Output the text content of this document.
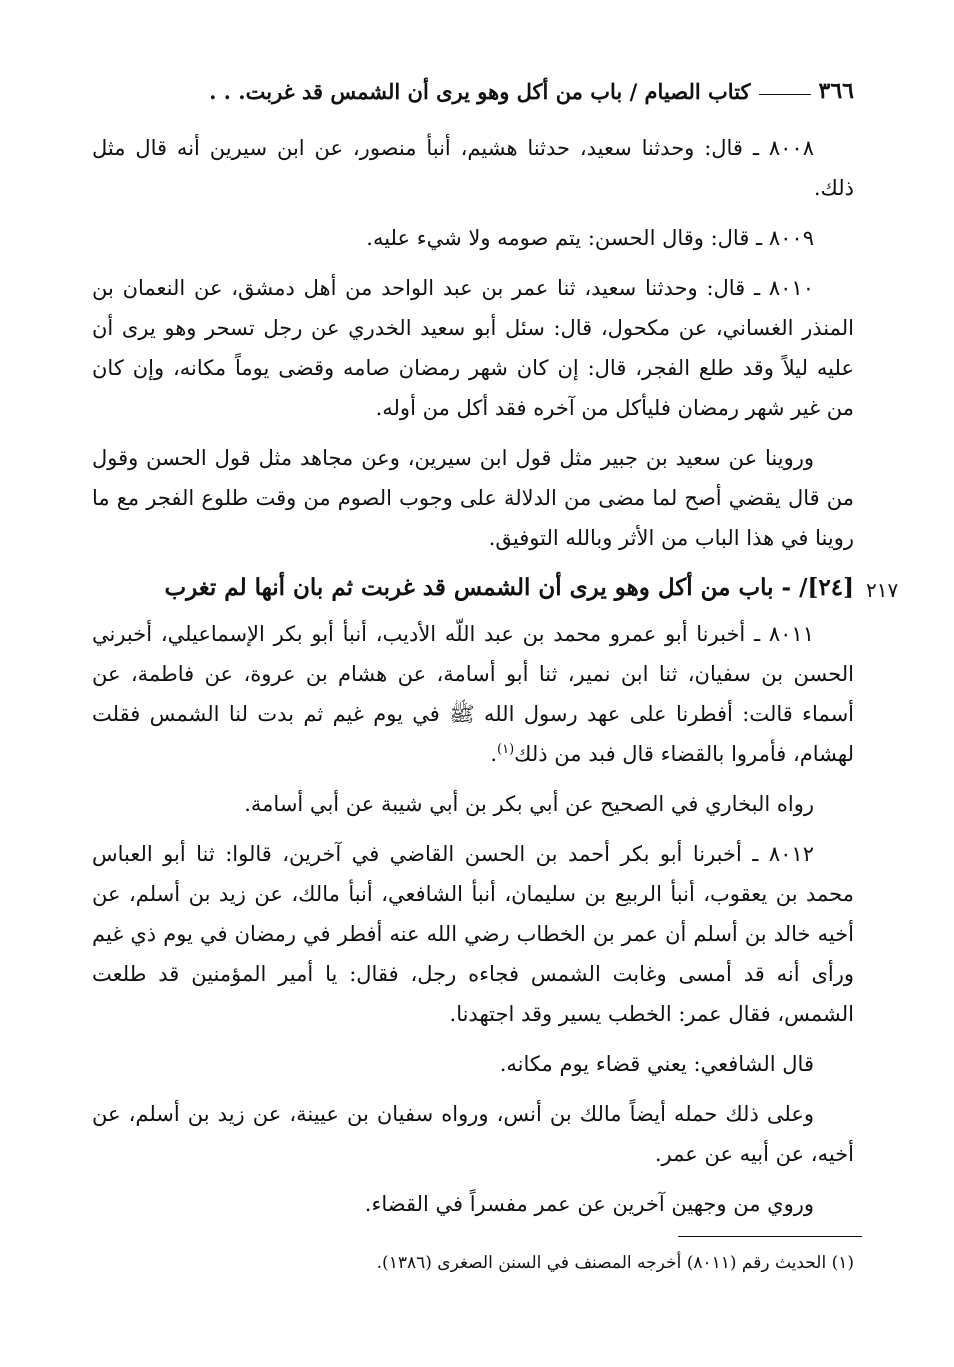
٣٦٦
كتاب الصيام / باب من أكل وهو يرى أن الشمس قد غربت. . .

٨٠٠٨ ـ قال: وحدثنا سعيد، حدثنا هشيم، أنبأ منصور، عن ابن سيرين أنه قال مثل ذلك.

٨٠٠٩ ـ قال: وقال الحسن: يتم صومه ولا شيء عليه.

٨٠١٠ ـ قال: وحدثنا سعيد، ثنا عمر بن عبد الواحد من أهل دمشق، عن النعمان بن المنذر الغساني، عن مكحول، قال: سئل أبو سعيد الخدري عن رجل تسحر وهو يرى أن عليه ليلاً وقد طلع الفجر، قال: إن كان شهر رمضان صامه وقضى يوماً مكانه، وإن كان من غير شهر رمضان فليأكل من آخره فقد أكل من أوله.

وروينا عن سعيد بن جبير مثل قول ابن سيرين، وعن مجاهد مثل قول الحسن وقول من قال يقضي أصح لما مضى من الدلالة على وجوب الصوم من وقت طلوع الفجر مع ما روينا في هذا الباب من الأثر وبالله التوفيق.

٢١٧
[٢٤]/ - باب من أكل وهو يرى أن الشمس قد غربت ثم بان أنها لم تغرب

٨٠١١ ـ أخبرنا أبو عمرو محمد بن عبد اللّه الأديب، أنبأ أبو بكر الإسماعيلي، أخبرني الحسن بن سفيان، ثنا ابن نمير، ثنا أبو أسامة، عن هشام بن عروة، عن فاطمة، عن أسماء قالت: أفطرنا على عهد رسول الله ﷺ في يوم غيم ثم بدت لنا الشمس فقلت لهشام، فأمروا بالقضاء قال فبد من ذلك$^{(١)}$.

رواه البخاري في الصحيح عن أبي بكر بن أبي شيبة عن أبي أسامة.

٨٠١٢ ـ أخبرنا أبو بكر أحمد بن الحسن القاضي في آخرين، قالوا: ثنا أبو العباس محمد بن يعقوب، أنبأ الربيع بن سليمان، أنبأ الشافعي، أنبأ مالك، عن زيد بن أسلم، عن أخيه خالد بن أسلم أن عمر بن الخطاب رضي الله عنه أفطر في رمضان في يوم ذي غيم ورأى أنه قد أمسى وغابت الشمس فجاءه رجل، فقال: يا أمير المؤمنين قد طلعت الشمس، فقال عمر: الخطب يسير وقد اجتهدنا.

قال الشافعي: يعني قضاء يوم مكانه.

وعلى ذلك حمله أيضاً مالك بن أنس، ورواه سفيان بن عيينة، عن زيد بن أسلم، عن أخيه، عن أبيه عن عمر.

وروي من وجهين آخرين عن عمر مفسراً في القضاء.

(١) الحديث رقم (٨٠١١) أخرجه المصنف في السنن الصغرى (١٣٨٦).
